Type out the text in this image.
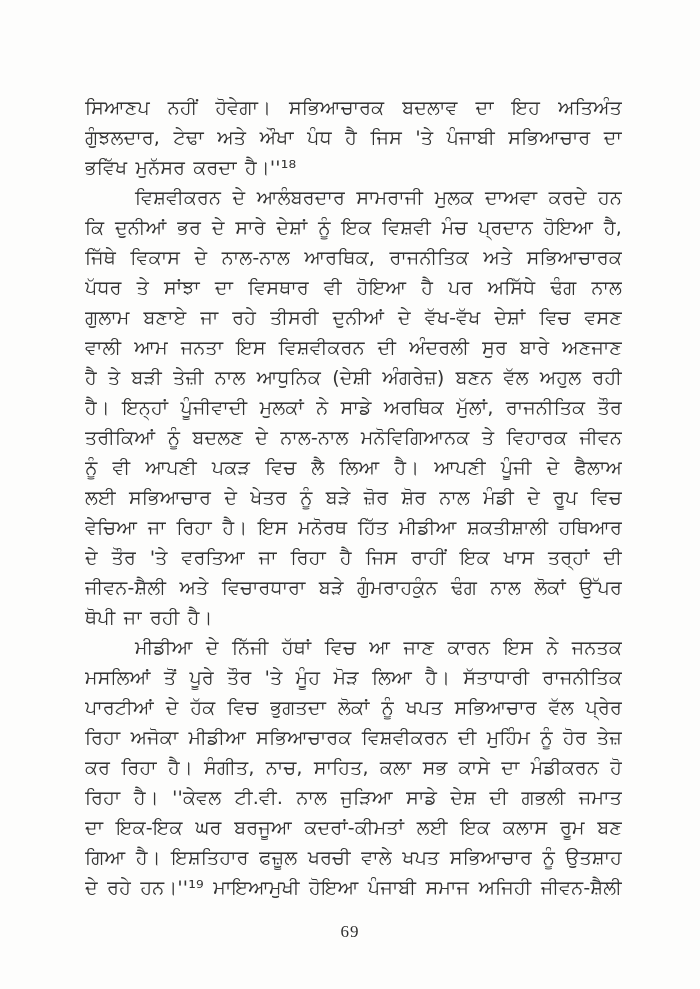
ਸਿਆਣਪ ਨਹੀਂ ਹੋਵੇਗਾ। ਸਭਿਆਚਾਰਕ ਬਦਲਾਵ ਦਾ ਇਹ ਅਤਿਅੰਤ
ਗੁੰਝਲਦਾਰ, ਟੇਢਾ ਅਤੇ ਔਖਾ ਪੰਧ ਹੈ ਜਿਸ 'ਤੇ ਪੰਜਾਬੀ ਸਭਿਆਚਾਰ ਦਾ
ਭਵਿੱਖ ਮੁਨੱਸਰ ਕਰਦਾ ਹੈ।''¹⁸
ਵਿਸ਼ਵੀਕਰਨ ਦੇ ਆਲੰਬਰਦਾਰ ਸਾਮਰਾਜੀ ਮੁਲਕ ਦਾਅਵਾ ਕਰਦੇ ਹਨ
ਕਿ ਦੁਨੀਆਂ ਭਰ ਦੇ ਸਾਰੇ ਦੇਸ਼ਾਂ ਨੂੰ ਇਕ ਵਿਸ਼ਵੀ ਮੰਚ ਪ੍ਰਦਾਨ ਹੋਇਆ ਹੈ,
ਜਿੱਥੇ ਵਿਕਾਸ ਦੇ ਨਾਲ-ਨਾਲ ਆਰਥਿਕ, ਰਾਜਨੀਤਿਕ ਅਤੇ ਸਭਿਆਚਾਰਕ
ਪੱਧਰ ਤੇ ਸਾਂਝਾ ਦਾ ਵਿਸਥਾਰ ਵੀ ਹੋਇਆ ਹੈ ਪਰ ਅਸਿੱਧੇ ਢੰਗ ਨਾਲ
ਗੁਲਾਮ ਬਣਾਏ ਜਾ ਰਹੇ ਤੀਸਰੀ ਦੁਨੀਆਂ ਦੇ ਵੱਖ-ਵੱਖ ਦੇਸ਼ਾਂ ਵਿਚ ਵਸਣ
ਵਾਲੀ ਆਮ ਜਨਤਾ ਇਸ ਵਿਸ਼ਵੀਕਰਨ ਦੀ ਅੰਦਰਲੀ ਸੁਰ ਬਾਰੇ ਅਣਜਾਣ
ਹੈ ਤੇ ਬੜੀ ਤੇਜ਼ੀ ਨਾਲ ਆਧੁਨਿਕ (ਦੇਸ਼ੀ ਅੰਗਰੇਜ਼) ਬਣਨ ਵੱਲ ਅਹੁਲ ਰਹੀ
ਹੈ। ਇਨ੍ਹਾਂ ਪੂੰਜੀਵਾਦੀ ਮੁਲਕਾਂ ਨੇ ਸਾਡੇ ਅਰਥਿਕ ਮੁੱਲਾਂ, ਰਾਜਨੀਤਿਕ ਤੌਰ
ਤਰੀਕਿਆਂ ਨੂੰ ਬਦਲਣ ਦੇ ਨਾਲ-ਨਾਲ ਮਨੋਵਿਗਿਆਨਕ ਤੇ ਵਿਹਾਰਕ ਜੀਵਨ
ਨੂੰ ਵੀ ਆਪਣੀ ਪਕੜ ਵਿਚ ਲੈ ਲਿਆ ਹੈ। ਆਪਣੀ ਪੂੰਜੀ ਦੇ ਫੈਲਾਅ
ਲਈ ਸਭਿਆਚਾਰ ਦੇ ਖੇਤਰ ਨੂੰ ਬੜੇ ਜ਼ੋਰ ਸ਼ੋਰ ਨਾਲ ਮੰਡੀ ਦੇ ਰੂਪ ਵਿਚ
ਵੇਚਿਆ ਜਾ ਰਿਹਾ ਹੈ। ਇਸ ਮਨੋਰਥ ਹਿੱਤ ਮੀਡੀਆ ਸ਼ਕਤੀਸ਼ਾਲੀ ਹਥਿਆਰ
ਦੇ ਤੌਰ 'ਤੇ ਵਰਤਿਆ ਜਾ ਰਿਹਾ ਹੈ ਜਿਸ ਰਾਹੀਂ ਇਕ ਖਾਸ ਤਰ੍ਹਾਂ ਦੀ
ਜੀਵਨ-ਸ਼ੈਲੀ ਅਤੇ ਵਿਚਾਰਧਾਰਾ ਬੜੇ ਗੁੰਮਰਾਹਕੁੰਨ ਢੰਗ ਨਾਲ ਲੋਕਾਂ ਉੱਪਰ
ਥੋਪੀ ਜਾ ਰਹੀ ਹੈ।
ਮੀਡੀਆ ਦੇ ਨਿੱਜੀ ਹੱਥਾਂ ਵਿਚ ਆ ਜਾਣ ਕਾਰਨ ਇਸ ਨੇ ਜਨਤਕ
ਮਸਲਿਆਂ ਤੋਂ ਪੂਰੇ ਤੌਰ 'ਤੇ ਮੂੰਹ ਮੋੜ ਲਿਆ ਹੈ। ਸੱਤਾਧਾਰੀ ਰਾਜਨੀਤਿਕ
ਪਾਰਟੀਆਂ ਦੇ ਹੱਕ ਵਿਚ ਭੁਗਤਦਾ ਲੋਕਾਂ ਨੂੰ ਖਪਤ ਸਭਿਆਚਾਰ ਵੱਲ ਪ੍ਰੇਰ
ਰਿਹਾ ਅਜੋਕਾ ਮੀਡੀਆ ਸਭਿਆਚਾਰਕ ਵਿਸ਼ਵੀਕਰਨ ਦੀ ਮੁਹਿੰਮ ਨੂੰ ਹੋਰ ਤੇਜ਼
ਕਰ ਰਿਹਾ ਹੈ। ਸੰਗੀਤ, ਨਾਚ, ਸਾਹਿਤ, ਕਲਾ ਸਭ ਕਾਸੇ ਦਾ ਮੰਡੀਕਰਨ ਹੋ
ਰਿਹਾ ਹੈ। ''ਕੇਵਲ ਟੀ.ਵੀ. ਨਾਲ ਜੁੜਿਆ ਸਾਡੇ ਦੇਸ਼ ਦੀ ਗਭਲੀ ਜਮਾਤ
ਦਾ ਇਕ-ਇਕ ਘਰ ਬਰਜੂਆ ਕਦਰਾਂ-ਕੀਮਤਾਂ ਲਈ ਇਕ ਕਲਾਸ ਰੂਮ ਬਣ
ਗਿਆ ਹੈ। ਇਸ਼ਤਿਹਾਰ ਫਜ਼ੂਲ ਖਰਚੀ ਵਾਲੇ ਖਪਤ ਸਭਿਆਚਾਰ ਨੂੰ ਉਤਸ਼ਾਹ
ਦੇ ਰਹੇ ਹਨ।''¹⁹ ਮਾਇਆਮੁਖੀ ਹੋਇਆ ਪੰਜਾਬੀ ਸਮਾਜ ਅਜਿਹੀ ਜੀਵਨ-ਸ਼ੈਲੀ
69
